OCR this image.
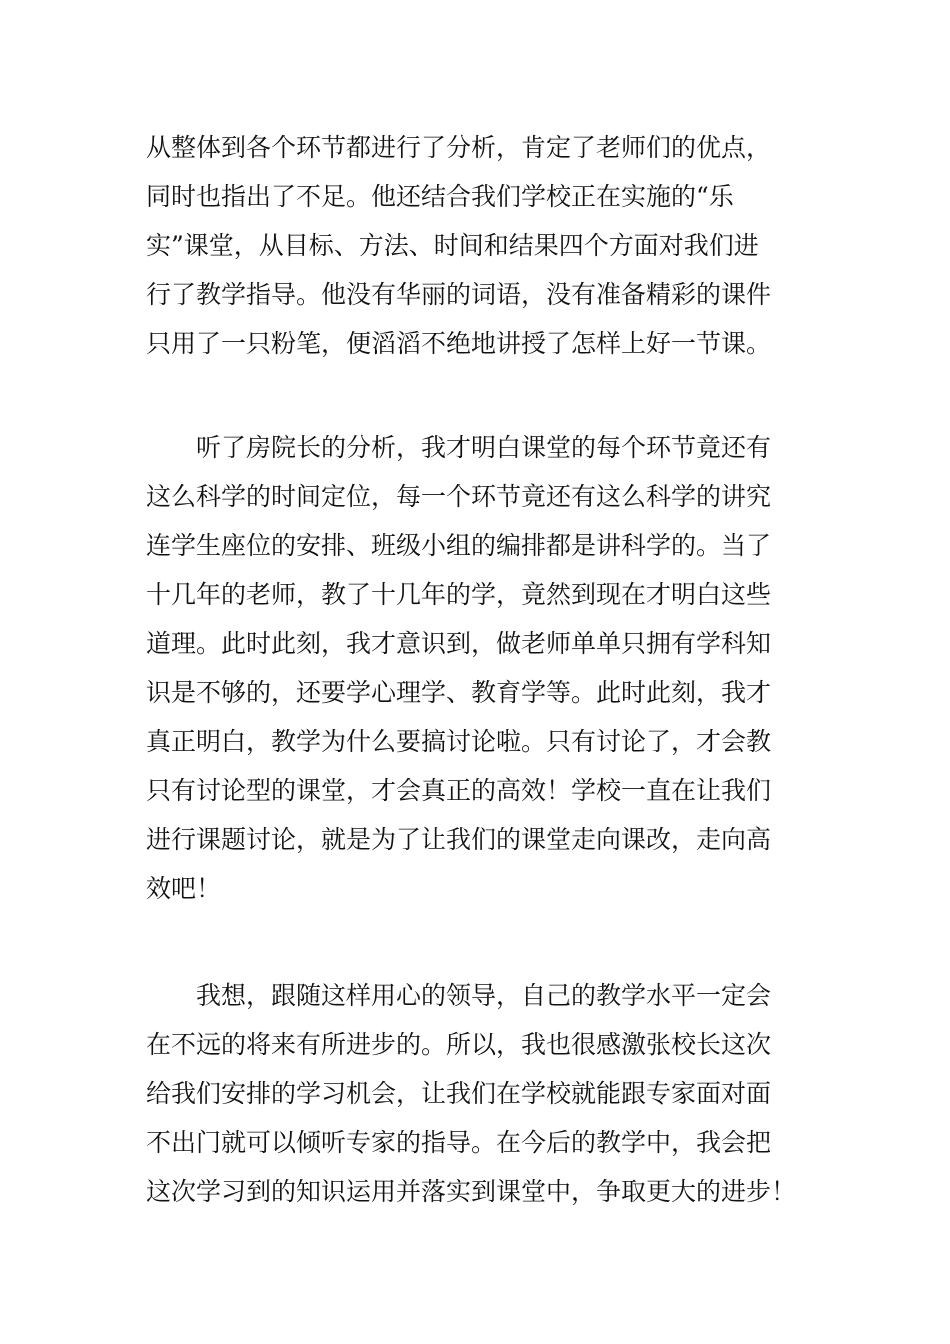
从整体到各个环节都进行了分析，肯定了老师们的优点，
同时也指出了不足。他还结合我们学校正在实施的“乐
实”课堂，从目标、方法、时间和结果四个方面对我们进
行了教学指导。他没有华丽的词语，没有准备精彩的课件
只用了一只粉笔，便滔滔不绝地讲授了怎样上好一节课。
　　听了房院长的分析，我才明白课堂的每个环节竟还有
这么科学的时间定位，每一个环节竟还有这么科学的讲究
连学生座位的安排、班级小组的编排都是讲科学的。当了
十几年的老师，教了十几年的学，竟然到现在才明白这些
道理。此时此刻，我才意识到，做老师单单只拥有学科知
识是不够的，还要学心理学、教育学等。此时此刻，我才
真正明白，教学为什么要搞讨论啦。只有讨论了，才会教
只有讨论型的课堂，才会真正的高效！学校一直在让我们
进行课题讨论，就是为了让我们的课堂走向课改，走向高
效吧！
　　我想，跟随这样用心的领导，自己的教学水平一定会
在不远的将来有所进步的。所以，我也很感激张校长这次
给我们安排的学习机会，让我们在学校就能跟专家面对面
不出门就可以倾听专家的指导。在今后的教学中，我会把
这次学习到的知识运用并落实到课堂中，争取更大的进步！
